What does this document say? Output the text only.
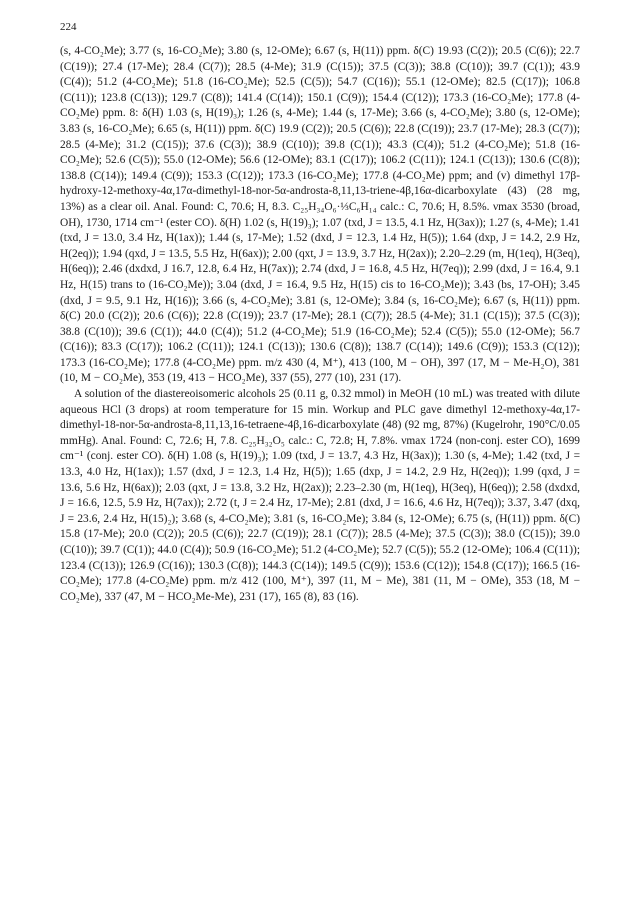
224

(s, 4-CO₂Me); 3.77 (s, 16-CO₂Me); 3.80 (s, 12-OMe); 6.67 (s, H(11)) ppm. δ(C) 19.93 (C(2)); 20.5 (C(6)); 22.7 (C(19)); 27.4 (17-Me); 28.4 (C(7)); 28.5 (4-Me); 31.9 (C(15)); 37.5 (C(3)); 38.8 (C(10)); 39.7 (C(1)); 43.9 (C(4)); 51.2 (4-CO₂Me); 51.8 (16-CO₂Me); 52.5 (C(5)); 54.7 (C(16)); 55.1 (12-OMe); 82.5 (C(17)); 106.8 (C(11)); 123.8 (C(13)); 129.7 (C(8)); 141.4 (C(14)); 150.1 (C(9)); 154.4 (C(12)); 173.3 (16-CO₂Me); 177.8 (4-CO₂Me) ppm. 8: δ(H) 1.03 (s, H(19)₃); 1.26 (s, 4-Me); 1.44 (s, 17-Me); 3.66 (s, 4-CO₂Me); 3.80 (s, 12-OMe); 3.83 (s, 16-CO₂Me); 6.65 (s, H(11)) ppm. δ(C) 19.9 (C(2)); 20.5 (C(6)); 22.8 (C(19)); 23.7 (17-Me); 28.3 (C(7)); 28.5 (4-Me); 31.2 (C(15)); 37.6 (C(3)); 38.9 (C(10)); 39.8 (C(1)); 43.3 (C(4)); 51.2 (4-CO₂Me); 51.8 (16-CO₂Me); 52.6 (C(5)); 55.0 (12-OMe); 56.6 (12-OMe); 83.1 (C(17)); 106.2 (C(11)); 124.1 (C(13)); 130.6 (C(8)); 138.8 (C(14)); 149.4 (C(9)); 153.3 (C(12)); 173.3 (16-CO₂Me); 177.8 (4-CO₂Me) ppm; and (v) dimethyl 17β-hydroxy-12-methoxy-4α,17α-dimethyl-18-nor-5α-androsta-8,11,13-triene-4β,16α-dicarboxylate (43) (28 mg, 13%) as a clear oil. Anal. Found: C, 70.6; H, 8.3. C₂₅H₃₄O₆·⅓C₆H₁₄ calc.: C, 70.6; H, 8.5%. νmax 3530 (broad, OH), 1730, 1714 cm⁻¹ (ester CO). δ(H) 1.02 (s, H(19)₃); 1.07 (txd, J = 13.5, 4.1 Hz, H(3ax)); 1.27 (s, 4-Me); 1.41 (txd, J = 13.0, 3.4 Hz, H(1ax)); 1.44 (s, 17-Me); 1.52 (dxd, J = 12.3, 1.4 Hz, H(5)); 1.64 (dxp, J = 14.2, 2.9 Hz, H(2eq)); 1.94 (qxd, J = 13.5, 5.5 Hz, H(6ax)); 2.00 (qxt, J = 13.9, 3.7 Hz, H(2ax)); 2.20–2.29 (m, H(1eq), H(3eq), H(6eq)); 2.46 (dxdxd, J 16.7, 12.8, 6.4 Hz, H(7ax)); 2.74 (dxd, J = 16.8, 4.5 Hz, H(7eq)); 2.99 (dxd, J = 16.4, 9.1 Hz, H(15) trans to (16-CO₂Me)); 3.04 (dxd, J = 16.4, 9.5 Hz, H(15) cis to 16-CO₂Me)); 3.43 (bs, 17-OH); 3.45 (dxd, J = 9.5, 9.1 Hz, H(16)); 3.66 (s, 4-CO₂Me); 3.81 (s, 12-OMe); 3.84 (s, 16-CO₂Me); 6.67 (s, H(11)) ppm. δ(C) 20.0 (C(2)); 20.6 (C(6)); 22.8 (C(19)); 23.7 (17-Me); 28.1 (C(7)); 28.5 (4-Me); 31.1 (C(15)); 37.5 (C(3)); 38.8 (C(10)); 39.6 (C(1)); 44.0 (C(4)); 51.2 (4-CO₂Me); 51.9 (16-CO₂Me); 52.4 (C(5)); 55.0 (12-OMe); 56.7 (C(16)); 83.3 (C(17)); 106.2 (C(11)); 124.1 (C(13)); 130.6 (C(8)); 138.7 (C(14)); 149.6 (C(9)); 153.3 (C(12)); 173.3 (16-CO₂Me); 177.8 (4-CO₂Me) ppm. m/z 430 (4, M⁺), 413 (100, M − OH), 397 (17, M − Me-H₂O), 381 (10, M − CO₂Me), 353 (19, 413 − HCO₂Me), 337 (55), 277 (10), 231 (17).

A solution of the diastereoisomeric alcohols 25 (0.11 g, 0.32 mmol) in MeOH (10 mL) was treated with dilute aqueous HCl (3 drops) at room temperature for 15 min. Workup and PLC gave dimethyl 12-methoxy-4α,17-dimethyl-18-nor-5α-androsta-8,11,13,16-tetraene-4β,16-dicarboxylate (48) (92 mg, 87%) (Kugelrohr, 190°C/0.05 mmHg). Anal. Found: C, 72.6; H, 7.8. C₂₅H₃₂O₅ calc.: C, 72.8; H, 7.8%. νmax 1724 (non-conj. ester CO), 1699 cm⁻¹ (conj. ester CO). δ(H) 1.08 (s, H(19)₃); 1.09 (txd, J = 13.7, 4.3 Hz, H(3ax)); 1.30 (s, 4-Me); 1.42 (txd, J = 13.3, 4.0 Hz, H(1ax)); 1.57 (dxd, J = 12.3, 1.4 Hz, H(5)); 1.65 (dxp, J = 14.2, 2.9 Hz, H(2eq)); 1.99 (qxd, J = 13.6, 5.6 Hz, H(6ax)); 2.03 (qxt, J = 13.8, 3.2 Hz, H(2ax)); 2.23–2.30 (m, H(1eq), H(3eq), H(6eq)); 2.58 (dxdxd, J = 16.6, 12.5, 5.9 Hz, H(7ax)); 2.72 (t, J = 2.4 Hz, 17-Me); 2.81 (dxd, J = 16.6, 4.6 Hz, H(7eq)); 3.37, 3.47 (dxq, J = 23.6, 2.4 Hz, H(15)₂); 3.68 (s, 4-CO₂Me); 3.81 (s, 16-CO₂Me); 3.84 (s, 12-OMe); 6.75 (s, (H(11)) ppm. δ(C) 15.8 (17-Me); 20.0 (C(2)); 20.5 (C(6)); 22.7 (C(19)); 28.1 (C(7)); 28.5 (4-Me); 37.5 (C(3)); 38.0 (C(15)); 39.0 (C(10)); 39.7 (C(1)); 44.0 (C(4)); 50.9 (16-CO₂Me); 51.2 (4-CO₂Me); 52.7 (C(5)); 55.2 (12-OMe); 106.4 (C(11)); 123.4 (C(13)); 126.9 (C(16)); 130.3 (C(8)); 144.3 (C(14)); 149.5 (C(9)); 153.6 (C(12)); 154.8 (C(17)); 166.5 (16-CO₂Me); 177.8 (4-CO₂Me) ppm. m/z 412 (100, M⁺), 397 (11, M − Me), 381 (11, M − OMe), 353 (18, M − CO₂Me), 337 (47, M − HCO₂Me-Me), 231 (17), 165 (8), 83 (16).
